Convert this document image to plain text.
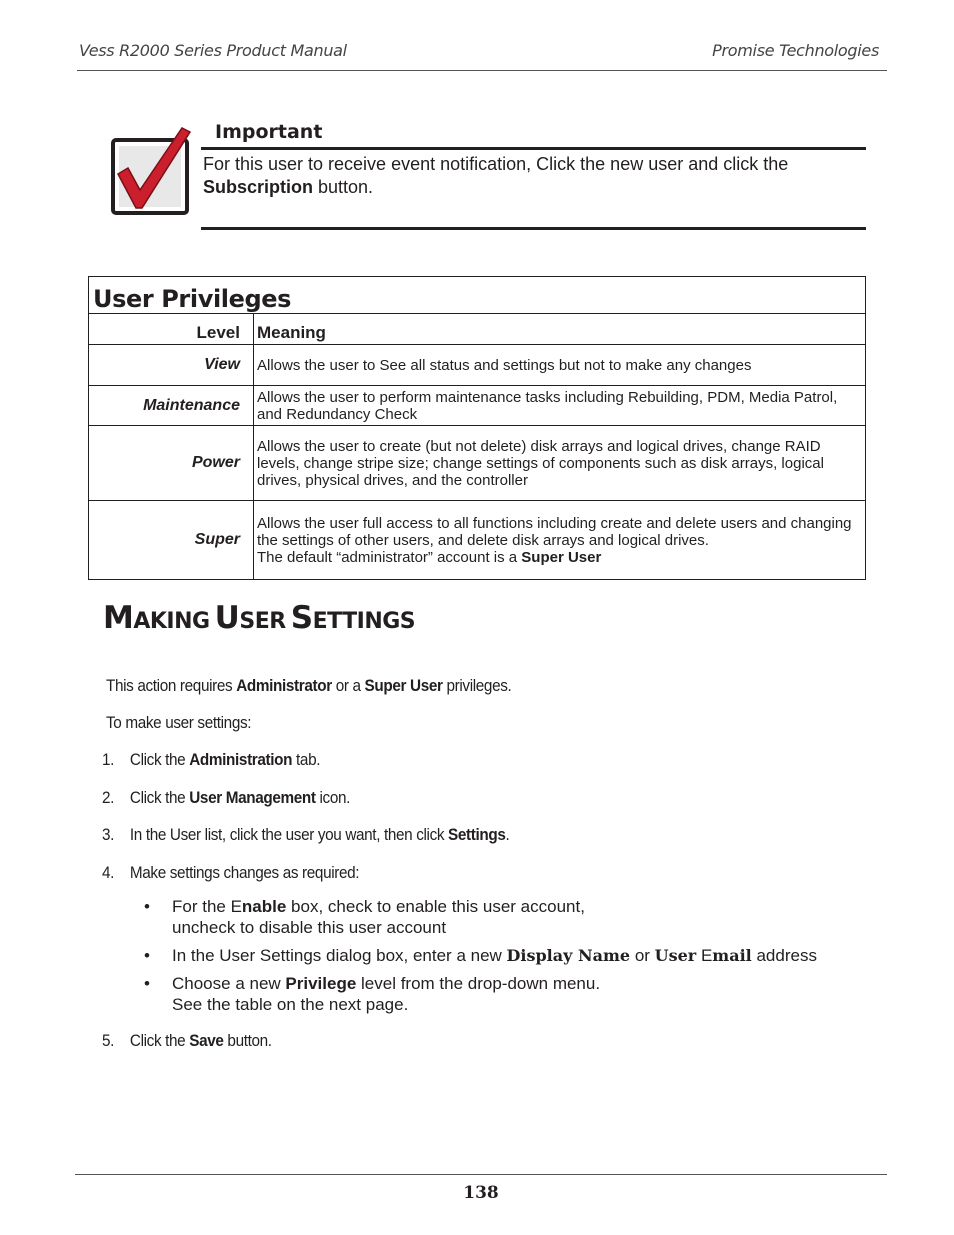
Vess R2000 Series Product Manual	Promise Technologies
Important
For this user to receive event notification, Click the new user and click the Subscription button.
User Privileges	
Level	Meaning
View	Allows the user to See all status and settings but not to make any changes
Maintenance	Allows the user to perform maintenance tasks including Rebuilding, PDM, Media Patrol, and Redundancy Check
Power	Allows the user to create (but not delete) disk arrays and logical drives, change RAID levels, change stripe size; change settings of components such as disk arrays, logical drives, physical drives, and the controller
Super	Allows the user full access to all functions including create and delete users and changing the settings of other users, and delete disk arrays and logical drives.
The default “administrator” account is a Super User
MAKING USER SETTINGS
This action requires Administrator or a Super User privileges.
To make user settings:
1. Click the Administration tab.
2. Click the User Management icon.
3. In the User list, click the user you want, then click Settings.
4. Make settings changes as required:
• For the Enable box, check to enable this user account,
uncheck to disable this user account
• In the User Settings dialog box, enter a new Display Name or User Email address
• Choose a new Privilege level from the drop-down menu.
See the table on the next page.
5. Click the Save button.
138
